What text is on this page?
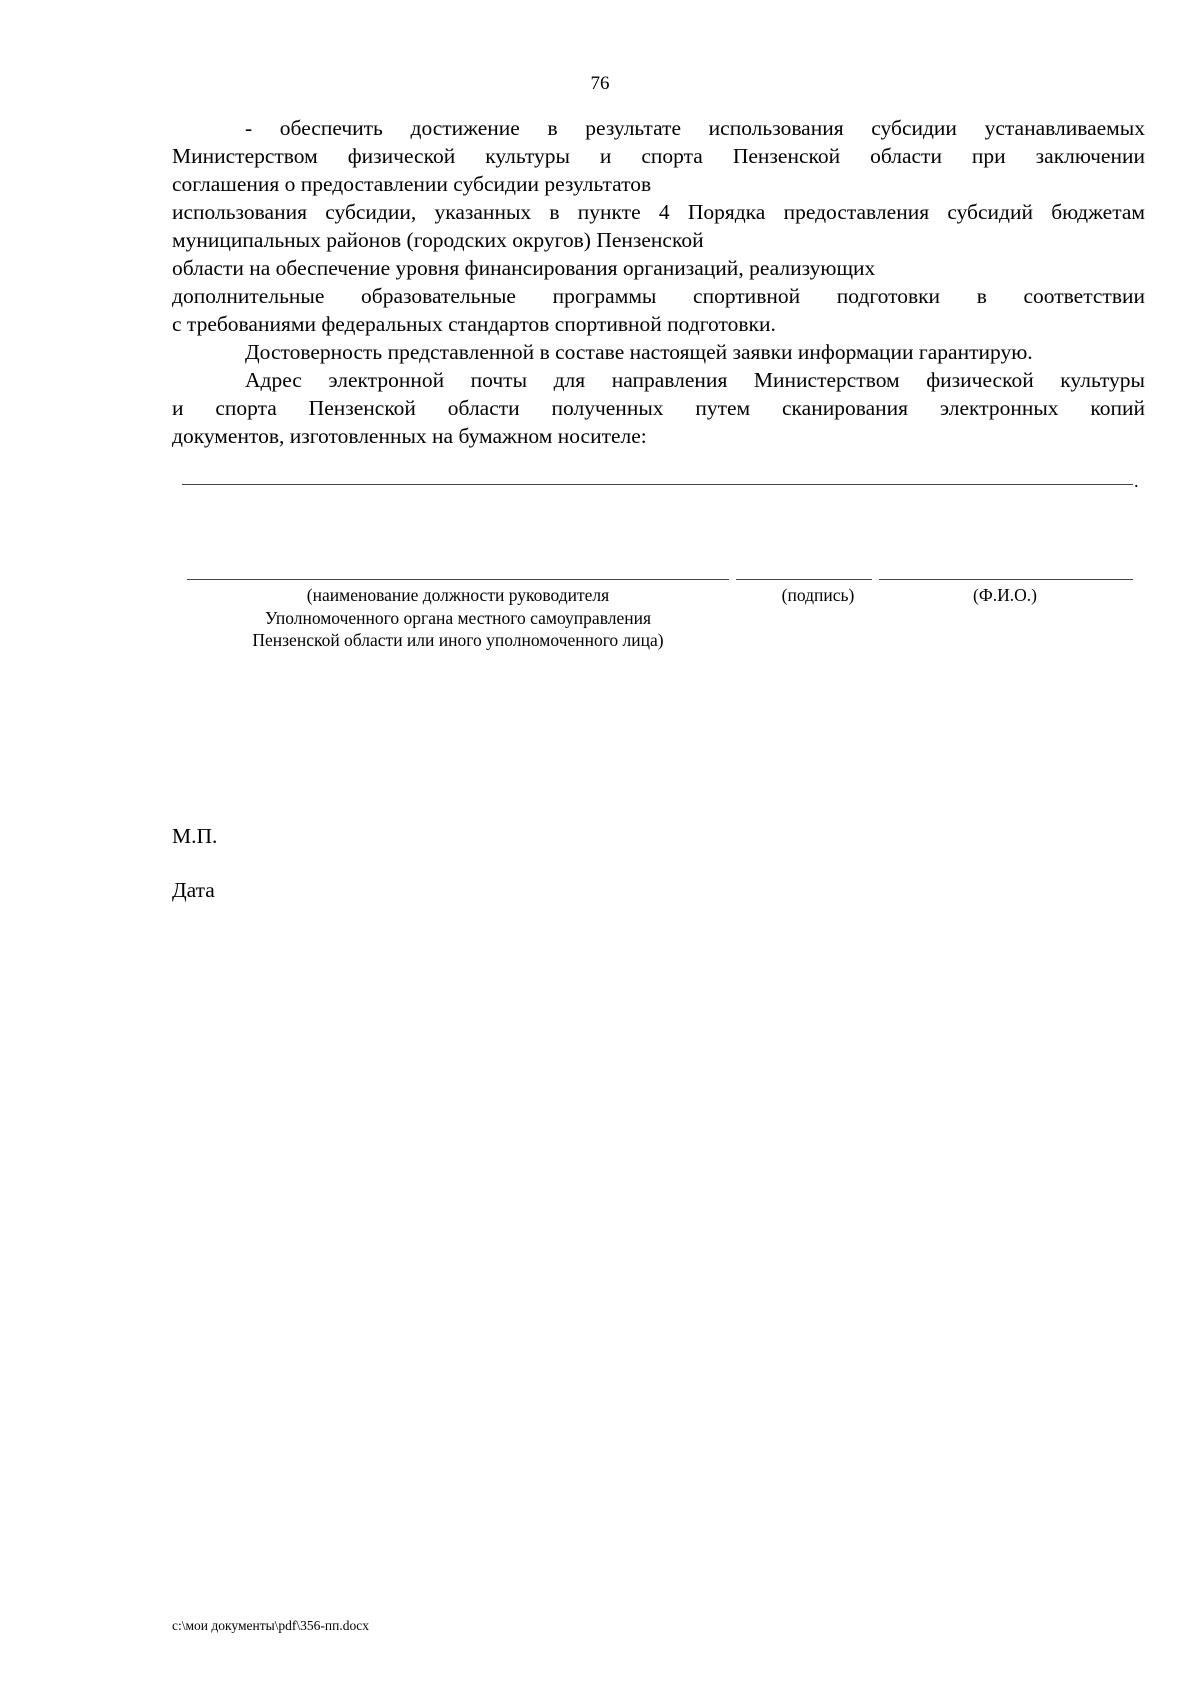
76
- обеспечить достижение в результате использования субсидии устанавливаемых
Министерством физической культуры и спорта Пензенской области при заключении
соглашения о предоставлении субсидии результатов
использования субсидии, указанных в пункте 4 Порядка предоставления субсидий бюджетам
муниципальных районов (городских округов) Пензенской
области на обеспечение уровня финансирования организаций, реализующих
дополнительные образовательные программы спортивной подготовки в соответствии
с требованиями федеральных стандартов спортивной подготовки.
Достоверность представленной в составе настоящей заявки информации гарантирую.
Адрес электронной почты для направления Министерством физической культуры
и спорта Пензенской области полученных путем сканирования электронных копий
документов, изготовленных на бумажном носителе:
.
(наименование должности руководителя
Уполномоченного органа местного самоуправления
Пензенской области или иного уполномоченного лица)
(подпись)	(Ф.И.О.)
М.П.
Дата
c:\мои документы\pdf\356-пп.docx
